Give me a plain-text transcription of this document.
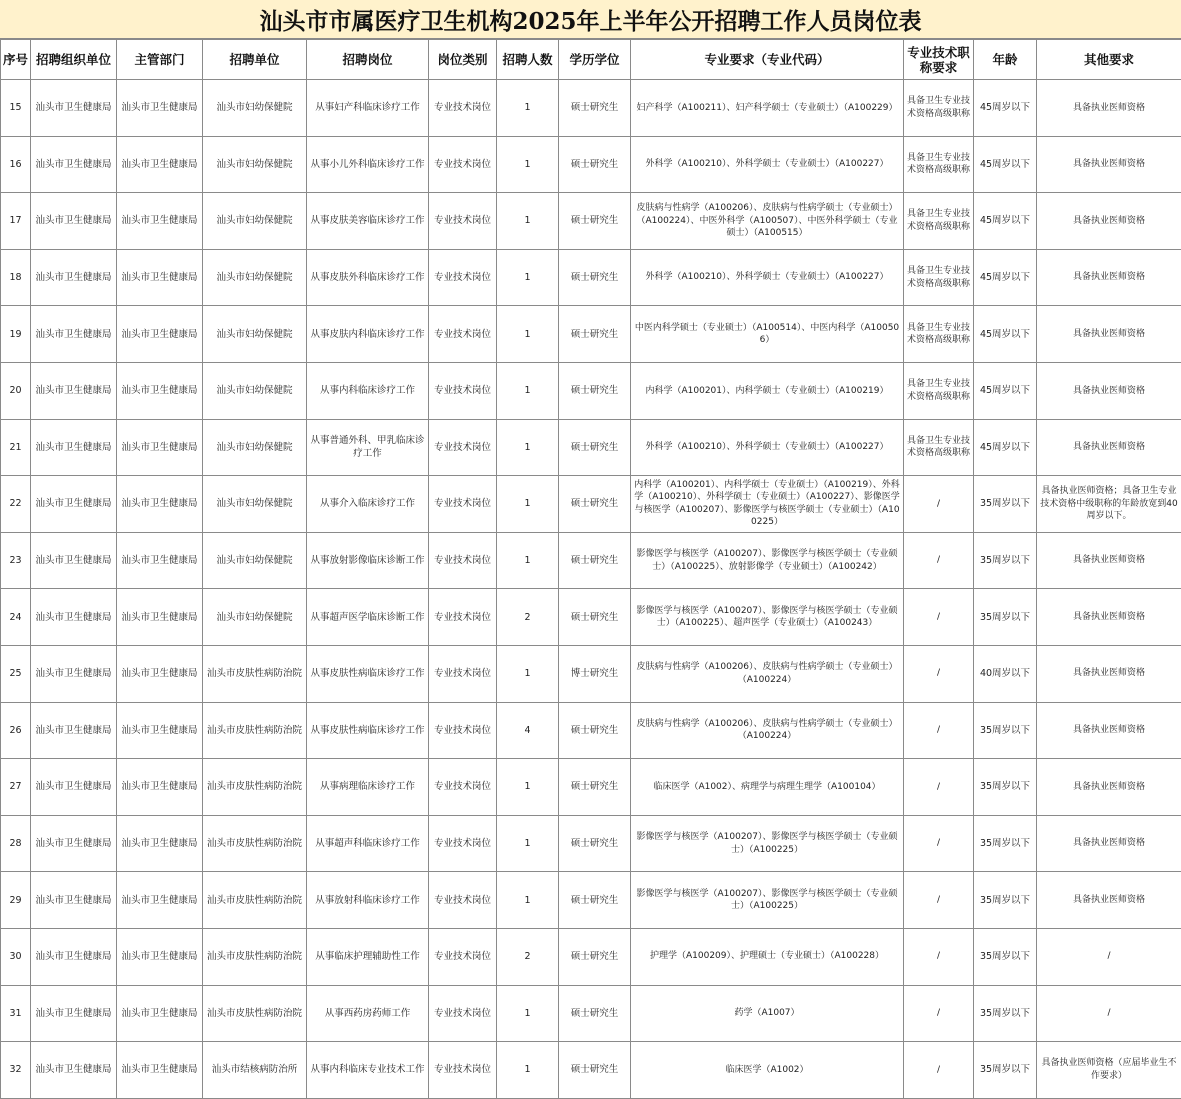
汕头市市属医疗卫生机构2025年上半年公开招聘工作人员岗位表
序号	招聘组织单位	主管部门	招聘单位	招聘岗位	岗位类别	招聘人数	学历学位	专业要求（专业代码）	专业技术职称要求	年龄	其他要求
15	汕头市卫生健康局	汕头市卫生健康局	汕头市妇幼保健院	从事妇产科临床诊疗工作	专业技术岗位	1	硕士研究生	妇产科学（A100211）、妇产科学硕士（专业硕士）（A100229）	具备卫生专业技术资格高级职称	45周岁以下	具备执业医师资格
16	汕头市卫生健康局	汕头市卫生健康局	汕头市妇幼保健院	从事小儿外科临床诊疗工作	专业技术岗位	1	硕士研究生	外科学（A100210）、外科学硕士（专业硕士）（A100227）	具备卫生专业技术资格高级职称	45周岁以下	具备执业医师资格
17	汕头市卫生健康局	汕头市卫生健康局	汕头市妇幼保健院	从事皮肤美容临床诊疗工作	专业技术岗位	1	硕士研究生	皮肤病与性病学（A100206）、皮肤病与性病学硕士（专业硕士）（A100224）、中医外科学（A100507）、中医外科学硕士（专业硕士）（A100515）	具备卫生专业技术资格高级职称	45周岁以下	具备执业医师资格
18	汕头市卫生健康局	汕头市卫生健康局	汕头市妇幼保健院	从事皮肤外科临床诊疗工作	专业技术岗位	1	硕士研究生	外科学（A100210）、外科学硕士（专业硕士）（A100227）	具备卫生专业技术资格高级职称	45周岁以下	具备执业医师资格
19	汕头市卫生健康局	汕头市卫生健康局	汕头市妇幼保健院	从事皮肤内科临床诊疗工作	专业技术岗位	1	硕士研究生	中医内科学硕士（专业硕士）（A100514）、中医内科学（A100506）	具备卫生专业技术资格高级职称	45周岁以下	具备执业医师资格
20	汕头市卫生健康局	汕头市卫生健康局	汕头市妇幼保健院	从事内科临床诊疗工作	专业技术岗位	1	硕士研究生	内科学（A100201）、内科学硕士（专业硕士）（A100219）	具备卫生专业技术资格高级职称	45周岁以下	具备执业医师资格
21	汕头市卫生健康局	汕头市卫生健康局	汕头市妇幼保健院	从事普通外科、甲乳临床诊疗工作	专业技术岗位	1	硕士研究生	外科学（A100210）、外科学硕士（专业硕士）（A100227）	具备卫生专业技术资格高级职称	45周岁以下	具备执业医师资格
22	汕头市卫生健康局	汕头市卫生健康局	汕头市妇幼保健院	从事介入临床诊疗工作	专业技术岗位	1	硕士研究生	内科学（A100201）、内科学硕士（专业硕士）（A100219）、外科学（A100210）、外科学硕士（专业硕士）（A100227）、影像医学与核医学（A100207）、影像医学与核医学硕士（专业硕士）（A100225）	/	35周岁以下	具备执业医师资格；具备卫生专业技术资格中级职称的年龄放宽到40周岁以下。
23	汕头市卫生健康局	汕头市卫生健康局	汕头市妇幼保健院	从事放射影像临床诊断工作	专业技术岗位	1	硕士研究生	影像医学与核医学（A100207）、影像医学与核医学硕士（专业硕士）（A100225）、放射影像学（专业硕士）（A100242）	/	35周岁以下	具备执业医师资格
24	汕头市卫生健康局	汕头市卫生健康局	汕头市妇幼保健院	从事超声医学临床诊断工作	专业技术岗位	2	硕士研究生	影像医学与核医学（A100207）、影像医学与核医学硕士（专业硕士）（A100225）、超声医学（专业硕士）（A100243）	/	35周岁以下	具备执业医师资格
25	汕头市卫生健康局	汕头市卫生健康局	汕头市皮肤性病防治院	从事皮肤性病临床诊疗工作	专业技术岗位	1	博士研究生	皮肤病与性病学（A100206）、皮肤病与性病学硕士（专业硕士）（A100224）	/	40周岁以下	具备执业医师资格
26	汕头市卫生健康局	汕头市卫生健康局	汕头市皮肤性病防治院	从事皮肤性病临床诊疗工作	专业技术岗位	4	硕士研究生	皮肤病与性病学（A100206）、皮肤病与性病学硕士（专业硕士）（A100224）	/	35周岁以下	具备执业医师资格
27	汕头市卫生健康局	汕头市卫生健康局	汕头市皮肤性病防治院	从事病理临床诊疗工作	专业技术岗位	1	硕士研究生	临床医学（A1002）、病理学与病理生理学（A100104）	/	35周岁以下	具备执业医师资格
28	汕头市卫生健康局	汕头市卫生健康局	汕头市皮肤性病防治院	从事超声科临床诊疗工作	专业技术岗位	1	硕士研究生	影像医学与核医学（A100207）、影像医学与核医学硕士（专业硕士）（A100225）	/	35周岁以下	具备执业医师资格
29	汕头市卫生健康局	汕头市卫生健康局	汕头市皮肤性病防治院	从事放射科临床诊疗工作	专业技术岗位	1	硕士研究生	影像医学与核医学（A100207）、影像医学与核医学硕士（专业硕士）（A100225）	/	35周岁以下	具备执业医师资格
30	汕头市卫生健康局	汕头市卫生健康局	汕头市皮肤性病防治院	从事临床护理辅助性工作	专业技术岗位	2	硕士研究生	护理学（A100209）、护理硕士（专业硕士）（A100228）	/	35周岁以下	/
31	汕头市卫生健康局	汕头市卫生健康局	汕头市皮肤性病防治院	从事西药房药师工作	专业技术岗位	1	硕士研究生	药学（A1007）	/	35周岁以下	/
32	汕头市卫生健康局	汕头市卫生健康局	汕头市结核病防治所	从事内科临床专业技术工作	专业技术岗位	1	硕士研究生	临床医学（A1002）	/	35周岁以下	具备执业医师资格（应届毕业生不作要求）
